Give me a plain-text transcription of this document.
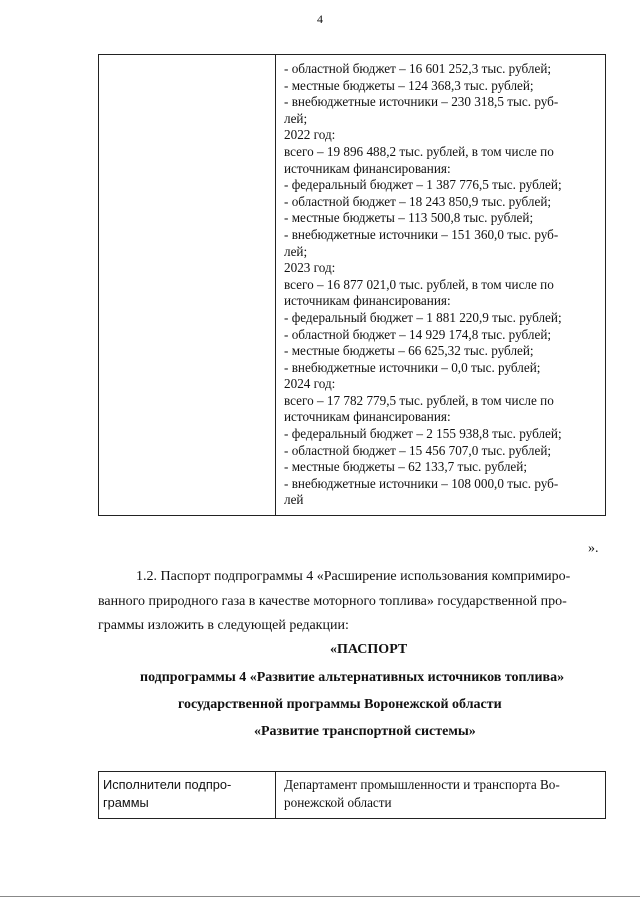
4

- областной бюджет – 16 601 252,3 тыс. рублей;
- местные бюджеты – 124 368,3 тыс. рублей;
- внебюджетные источники – 230 318,5 тыс. руб-
лей;
2022 год:
всего – 19 896 488,2 тыс. рублей, в том числе по
источникам финансирования:
- федеральный бюджет – 1 387 776,5 тыс. рублей;
- областной бюджет – 18 243 850,9 тыс. рублей;
- местные бюджеты – 113 500,8 тыс. рублей;
- внебюджетные источники – 151 360,0 тыс. руб-
лей;
2023 год:
всего – 16 877 021,0 тыс. рублей, в том числе по
источникам финансирования:
- федеральный бюджет – 1 881 220,9 тыс. рублей;
- областной бюджет – 14 929 174,8 тыс. рублей;
- местные бюджеты – 66 625,32 тыс. рублей;
- внебюджетные источники – 0,0 тыс. рублей;
2024 год:
всего – 17 782 779,5 тыс. рублей, в том числе по
источникам финансирования:
- федеральный бюджет – 2 155 938,8 тыс. рублей;
- областной бюджет – 15 456 707,0 тыс. рублей;
- местные бюджеты – 62 133,7 тыс. рублей;
- внебюджетные источники – 108 000,0 тыс. руб-
лей
».
1.2. Паспорт подпрограммы 4 «Расширение использования компримиро-
ванного природного газа в качестве моторного топлива» государственной про-
граммы изложить в следующей редакции:
«ПАСПОРТ
подпрограммы 4 «Развитие альтернативных источников топлива»
государственной программы Воронежской области
«Развитие транспортной системы»
Исполнители подпро-
граммы

Департамент промышленности и транспорта Во-
ронежской области
